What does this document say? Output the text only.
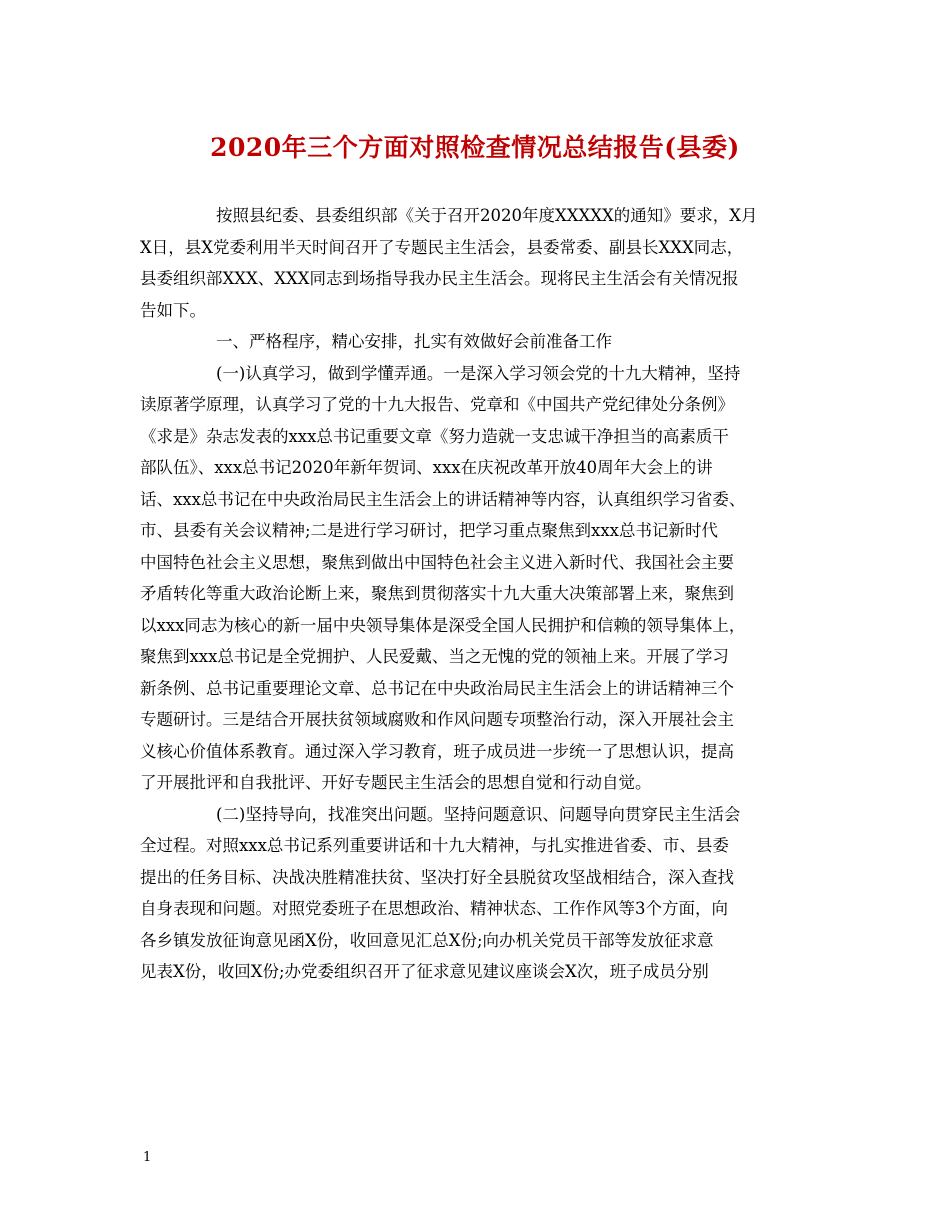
2020年三个方面对照检查情况总结报告(县委)
按照县纪委、县委组织部《关于召开2020年度XXXXX的通知》要求，X月
X日，县X党委利用半天时间召开了专题民主生活会，县委常委、副县长XXX同志，
县委组织部XXX、XXX同志到场指导我办民主生活会。现将民主生活会有关情况报
告如下。
一、严格程序，精心安排，扎实有效做好会前准备工作
(一)认真学习，做到学懂弄通。一是深入学习领会党的十九大精神，坚持
读原著学原理，认真学习了党的十九大报告、党章和《中国共产党纪律处分条例》
《求是》杂志发表的xxx总书记重要文章《努力造就一支忠诚干净担当的高素质干
部队伍》、xxx总书记2020年新年贺词、xxx在庆祝改革开放40周年大会上的讲
话、xxx总书记在中央政治局民主生活会上的讲话精神等内容，认真组织学习省委、
市、县委有关会议精神;二是进行学习研讨，把学习重点聚焦到xxx总书记新时代
中国特色社会主义思想，聚焦到做出中国特色社会主义进入新时代、我国社会主要
矛盾转化等重大政治论断上来，聚焦到贯彻落实十九大重大决策部署上来，聚焦到
以xxx同志为核心的新一届中央领导集体是深受全国人民拥护和信赖的领导集体上，
聚焦到xxx总书记是全党拥护、人民爱戴、当之无愧的党的领袖上来。开展了学习
新条例、总书记重要理论文章、总书记在中央政治局民主生活会上的讲话精神三个
专题研讨。三是结合开展扶贫领域腐败和作风问题专项整治行动，深入开展社会主
义核心价值体系教育。通过深入学习教育，班子成员进一步统一了思想认识，提高
了开展批评和自我批评、开好专题民主生活会的思想自觉和行动自觉。
(二)坚持导向，找准突出问题。坚持问题意识、问题导向贯穿民主生活会
全过程。对照xxx总书记系列重要讲话和十九大精神，与扎实推进省委、市、县委
提出的任务目标、决战决胜精准扶贫、坚决打好全县脱贫攻坚战相结合，深入查找
自身表现和问题。对照党委班子在思想政治、精神状态、工作作风等3个方面，向
各乡镇发放征询意见函X份，收回意见汇总X份;向办机关党员干部等发放征求意
见表X份，收回X份;办党委组织召开了征求意见建议座谈会X次，班子成员分别
1
